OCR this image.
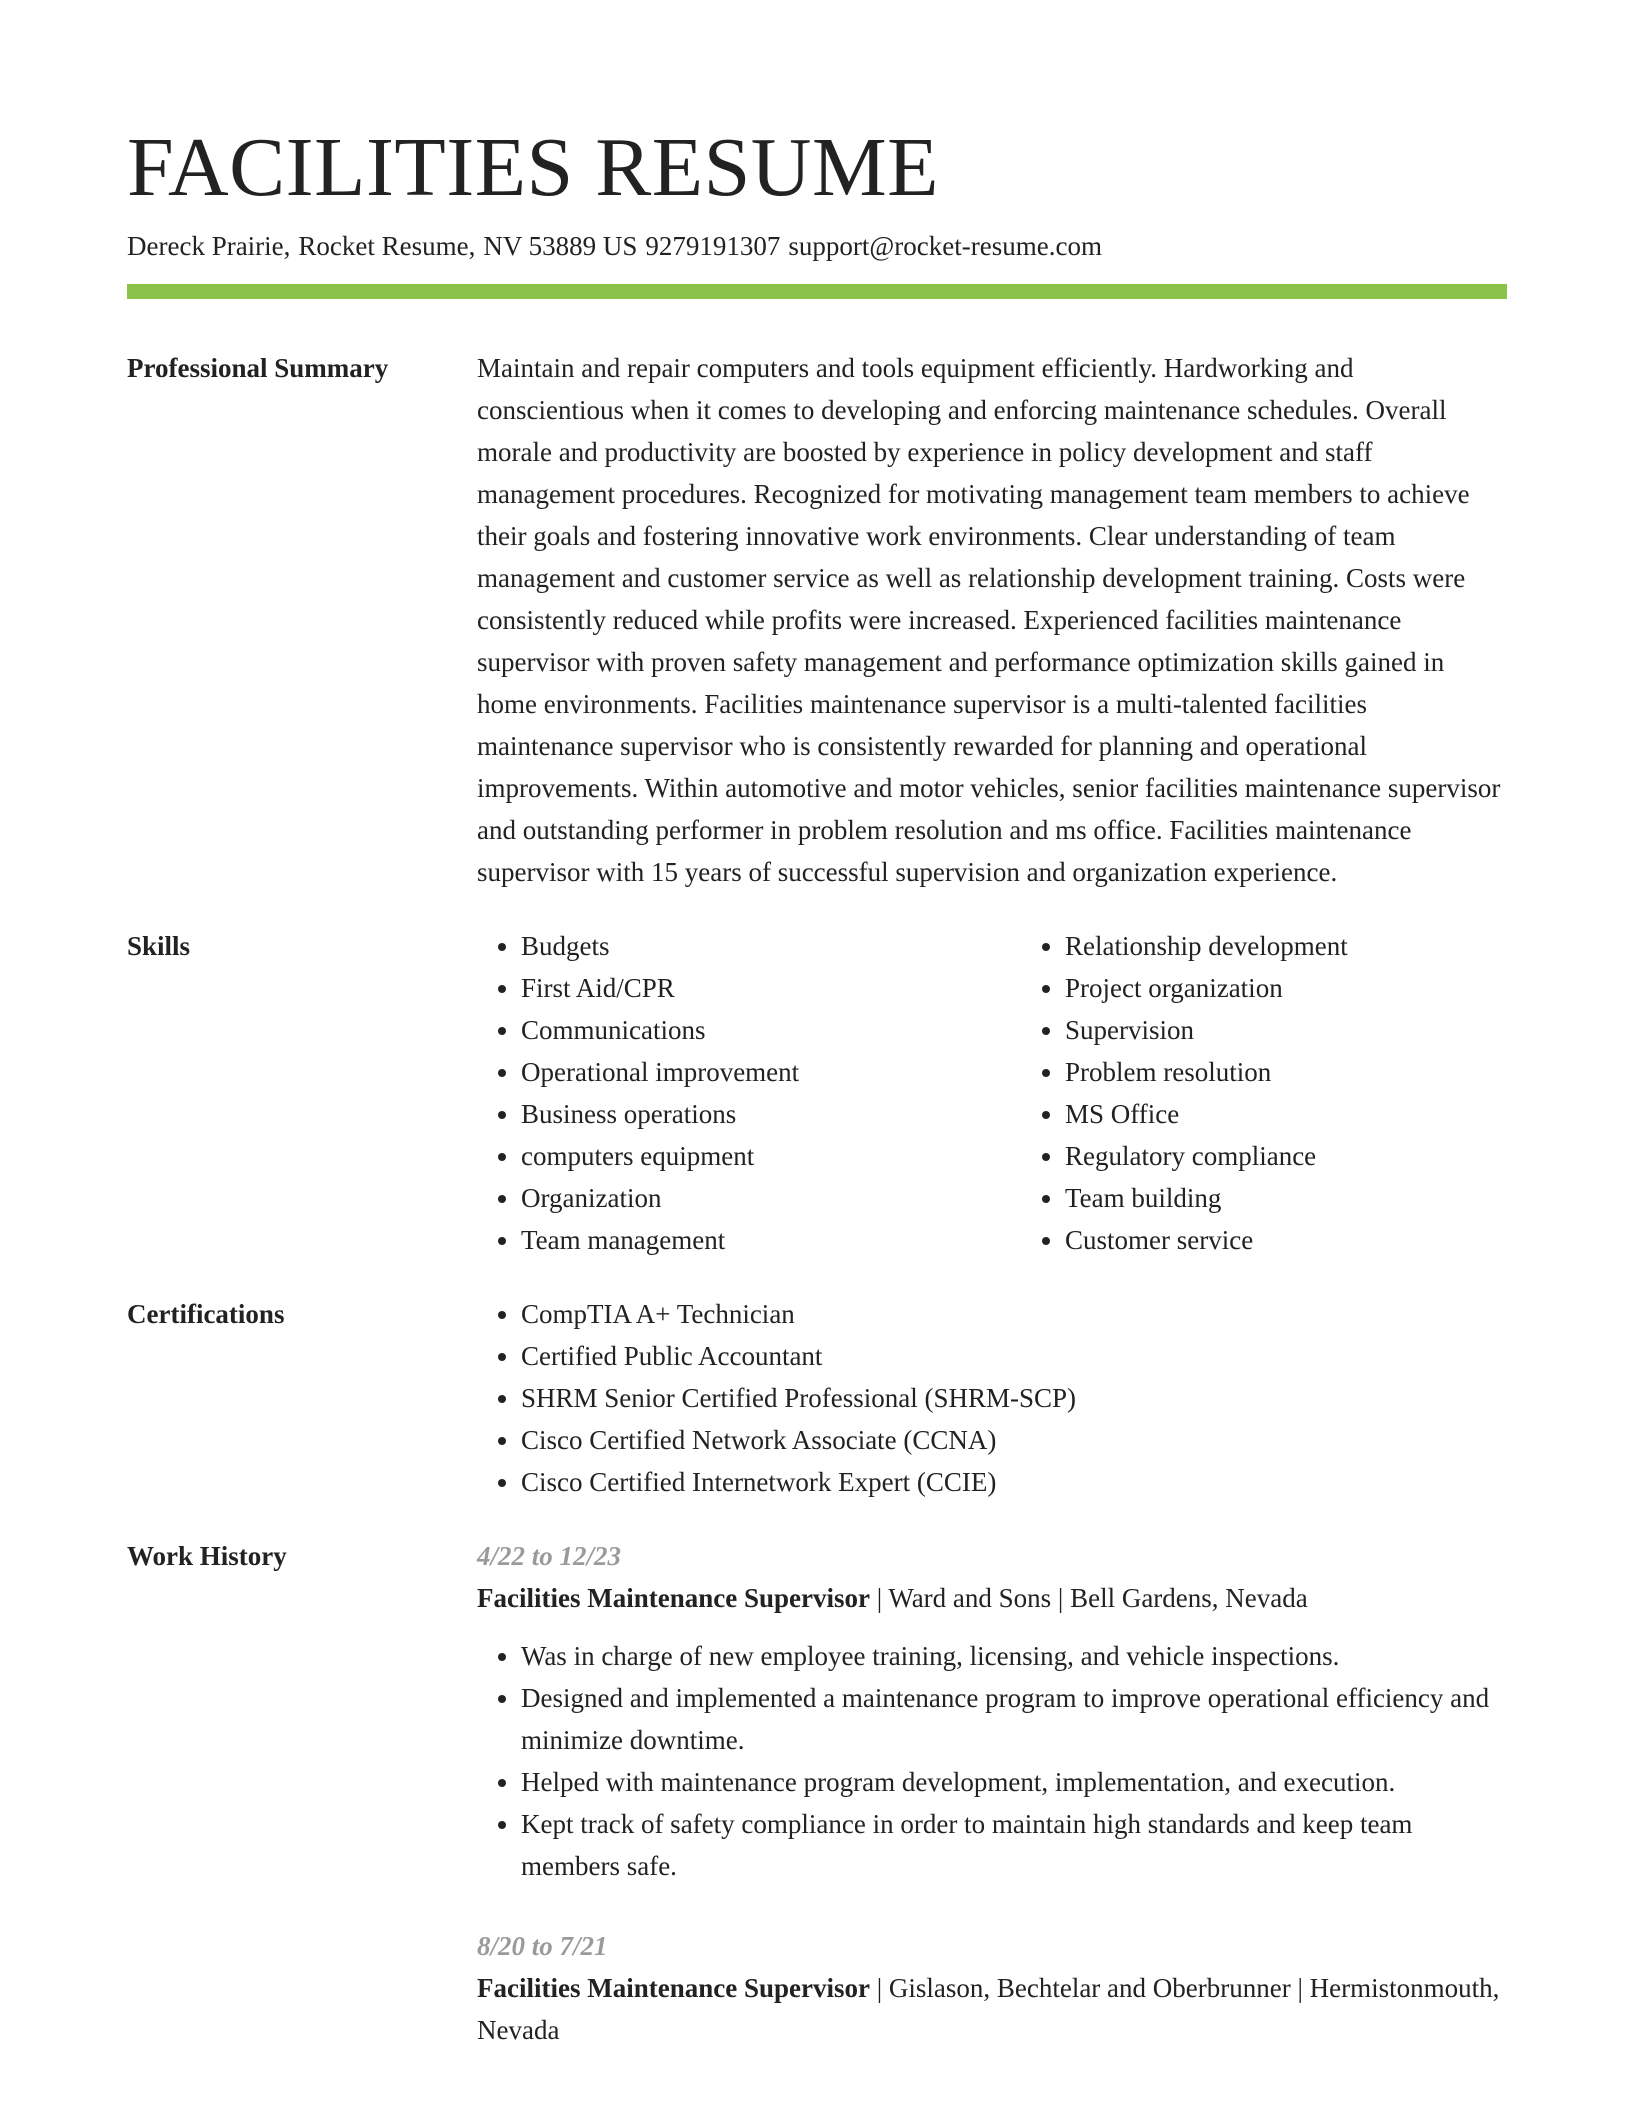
FACILITIES RESUME
Dereck Prairie, Rocket Resume, NV 53889 US 9279191307 support@rocket-resume.com
Professional Summary	Maintain and repair computers and tools equipment efficiently. Hardworking and conscientious when it comes to developing and enforcing maintenance schedules. Overall morale and productivity are boosted by experience in policy development and staff management procedures. Recognized for motivating management team members to achieve their goals and fostering innovative work environments. Clear understanding of team management and customer service as well as relationship development training. Costs were consistently reduced while profits were increased. Experienced facilities maintenance supervisor with proven safety management and performance optimization skills gained in home environments. Facilities maintenance supervisor is a multi-talented facilities maintenance supervisor who is consistently rewarded for planning and operational improvements. Within automotive and motor vehicles, senior facilities maintenance supervisor and outstanding performer in problem resolution and ms office. Facilities maintenance supervisor with 15 years of successful supervision and organization experience.

Skills	• Budgets
• First Aid/CPR
• Communications
• Operational improvement
• Business operations
• computers equipment
• Organization
• Team management
• Relationship development
• Project organization
• Supervision
• Problem resolution
• MS Office
• Regulatory compliance
• Team building
• Customer service
Certifications	• CompTIA A+ Technician
• Certified Public Accountant
• SHRM Senior Certified Professional (SHRM-SCP)
• Cisco Certified Network Associate (CCNA)
• Cisco Certified Internetwork Expert (CCIE)
Work History	4/22 to 12/23
Facilities Maintenance Supervisor | Ward and Sons | Bell Gardens, Nevada
• Was in charge of new employee training, licensing, and vehicle inspections.
• Designed and implemented a maintenance program to improve operational efficiency and minimize downtime.
• Helped with maintenance program development, implementation, and execution.
• Kept track of safety compliance in order to maintain high standards and keep team members safe.
8/20 to 7/21
Facilities Maintenance Supervisor | Gislason, Bechtelar and Oberbrunner | Hermistonmouth, Nevada
